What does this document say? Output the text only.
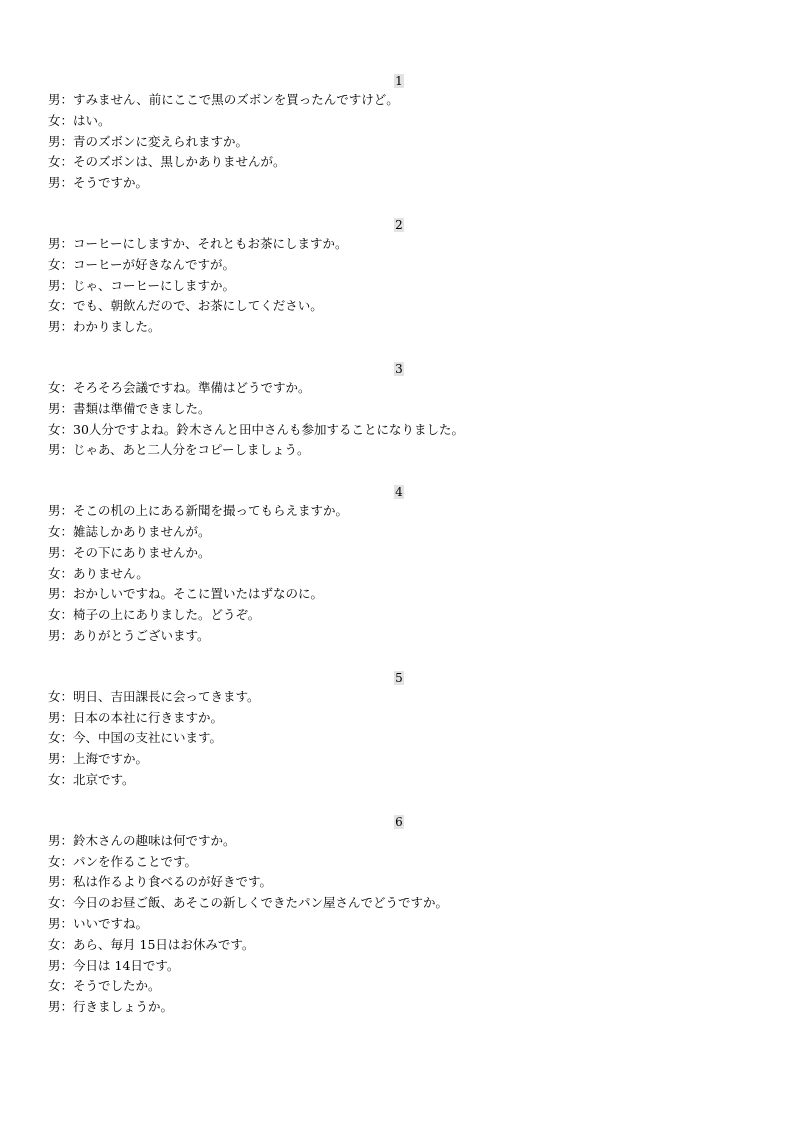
1
男：すみません、前にここで黒のズボンを買ったんですけど。
女：はい。
男：青のズボンに変えられますか。
女：そのズボンは、黒しかありませんが。
男：そうですか。
2
男：コーヒーにしますか、それともお茶にしますか。
女：コーヒーが好きなんですが。
男：じゃ、コーヒーにしますか。
女：でも、朝飲んだので、お茶にしてください。
男：わかりました。
3
女：そろそろ会議ですね。準備はどうですか。
男：書類は準備できました。
女：30人分ですよね。鈴木さんと田中さんも参加することになりました。
男：じゃあ、あと二人分をコピーしましょう。
4
男：そこの机の上にある新聞を撮ってもらえますか。
女：雑誌しかありませんが。
男：その下にありませんか。
女：ありません。
男：おかしいですね。そこに置いたはずなのに。
女：椅子の上にありました。どうぞ。
男：ありがとうございます。
5
女：明日、吉田課長に会ってきます。
男：日本の本社に行きますか。
女：今、中国の支社にいます。
男：上海ですか。
女：北京です。
6
男：鈴木さんの趣味は何ですか。
女：パンを作ることです。
男：私は作るより食べるのが好きです。
女：今日のお昼ご飯、あそこの新しくできたパン屋さんでどうですか。
男：いいですね。
女：あら、毎月 15日はお休みです。
男：今日は 14日です。
女：そうでしたか。
男：行きましょうか。
